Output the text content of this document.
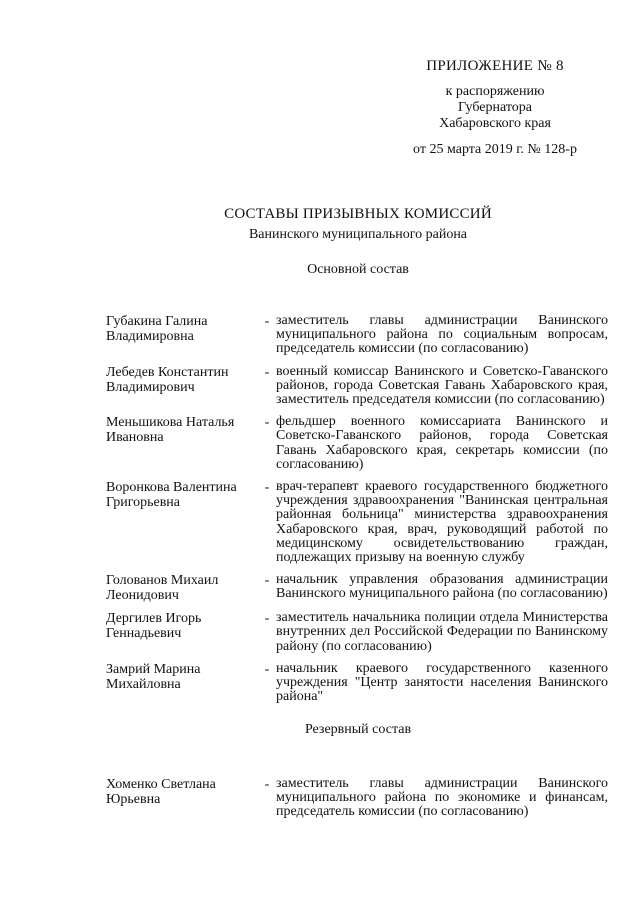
ПРИЛОЖЕНИЕ № 8
к распоряжению
Губернатора
Хабаровского края
от 25 марта 2019 г. № 128-р
СОСТАВЫ ПРИЗЫВНЫХ КОМИССИЙ
Ванинского муниципального района
Основной состав
Губакина Галина
Владимировна
- заместитель главы администрации Ванинского муниципального района по социальным вопросам, председатель комиссии (по согласованию)
Лебедев Константин
Владимирович
- военный комиссар Ванинского и Советско-Гаванского районов, города Советская Гавань Хабаровского края, заместитель председателя комиссии (по согласованию)
Меньшикова Наталья
Ивановна
- фельдшер военного комиссариата Ванинского и Советско-Гаванского районов, города Советская Гавань Хабаровского края, секретарь комиссии (по согласованию)
Воронкова Валентина
Григорьевна
- врач-терапевт краевого государственного бюджетного учреждения здравоохранения "Ванинская центральная районная больница" министерства здравоохранения Хабаровского края, врач, руководящий работой по медицинскому освидетельствованию граждан, подлежащих призыву на военную службу
Голованов Михаил
Леонидович
- начальник управления образования администрации Ванинского муниципального района (по согласованию)
Дергилев Игорь
Геннадьевич
- заместитель начальника полиции отдела Министерства внутренних дел Российской Федерации по Ванинскому району (по согласованию)
Замрий Марина
Михайловна
- начальник краевого государственного казенного учреждения "Центр занятости населения Ванинского района"
Резервный состав
Хоменко Светлана
Юрьевна
- заместитель главы администрации Ванинского муниципального района по экономике и финансам, председатель комиссии (по согласованию)
